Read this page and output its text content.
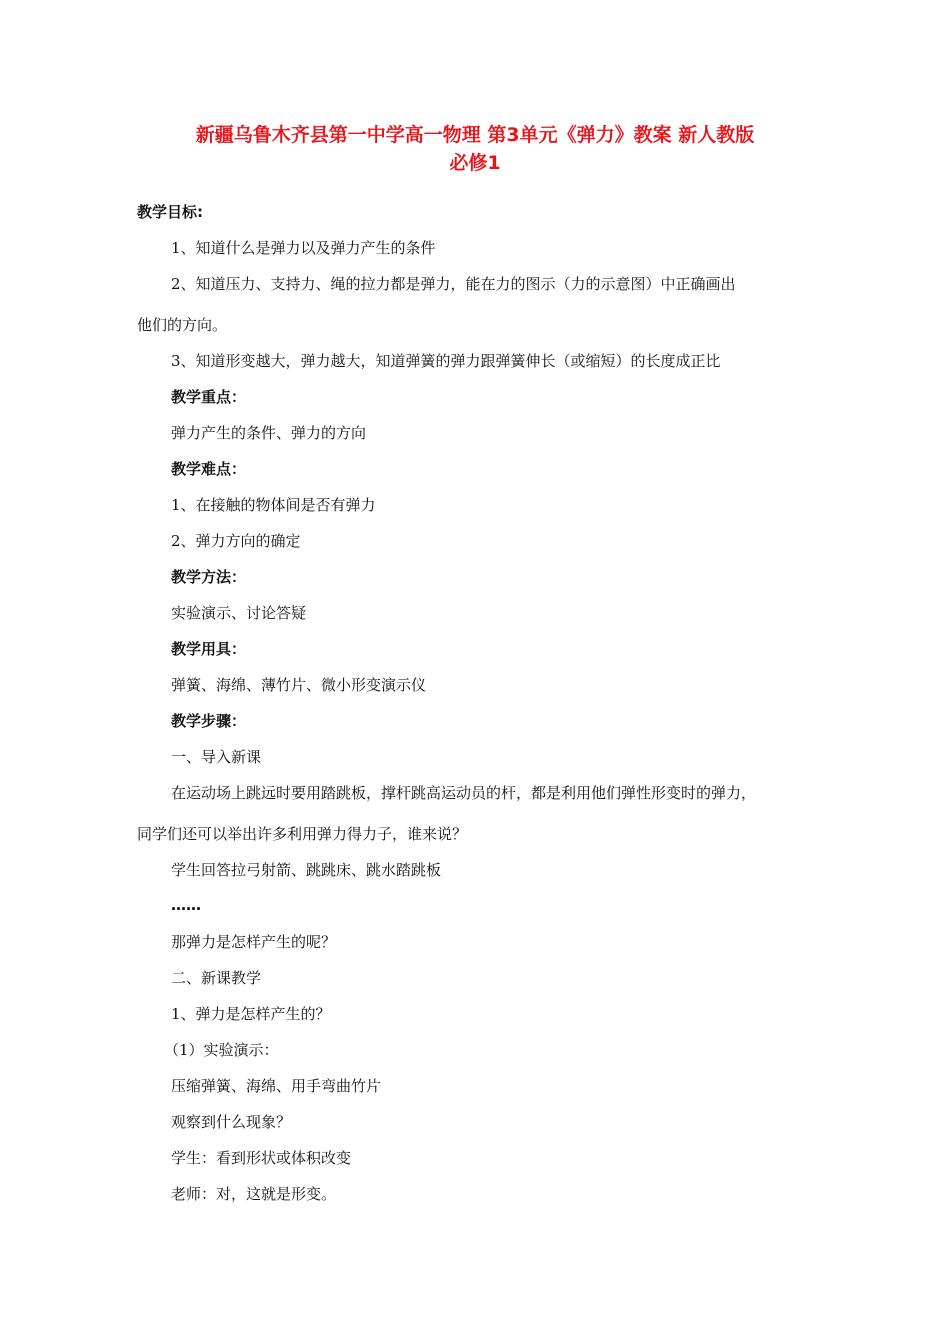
新疆乌鲁木齐县第一中学高一物理 第3单元《弹力》教案 新人教版
必修1
教学目标:
1、知道什么是弹力以及弹力产生的条件
2、知道压力、支持力、绳的拉力都是弹力，能在力的图示（力的示意图）中正确画出
他们的方向。
3、知道形变越大，弹力越大，知道弹簧的弹力跟弹簧伸长（或缩短）的长度成正比
教学重点：
弹力产生的条件、弹力的方向
教学难点：
1、在接触的物体间是否有弹力
2、弹力方向的确定
教学方法：
实验演示、讨论答疑
教学用具：
弹簧、海绵、薄竹片、微小形变演示仪
教学步骤：
一、导入新课
在运动场上跳远时要用踏跳板，撑杆跳高运动员的杆，都是利用他们弹性形变时的弹力，
同学们还可以举出许多利用弹力得力子，谁来说？
学生回答拉弓射箭、跳跳床、跳水踏跳板
……
那弹力是怎样产生的呢？
二、新课教学
1、弹力是怎样产生的？
（1）实验演示：
压缩弹簧、海绵、用手弯曲竹片
观察到什么现象？
学生：看到形状或体积改变
老师：对，这就是形变。
